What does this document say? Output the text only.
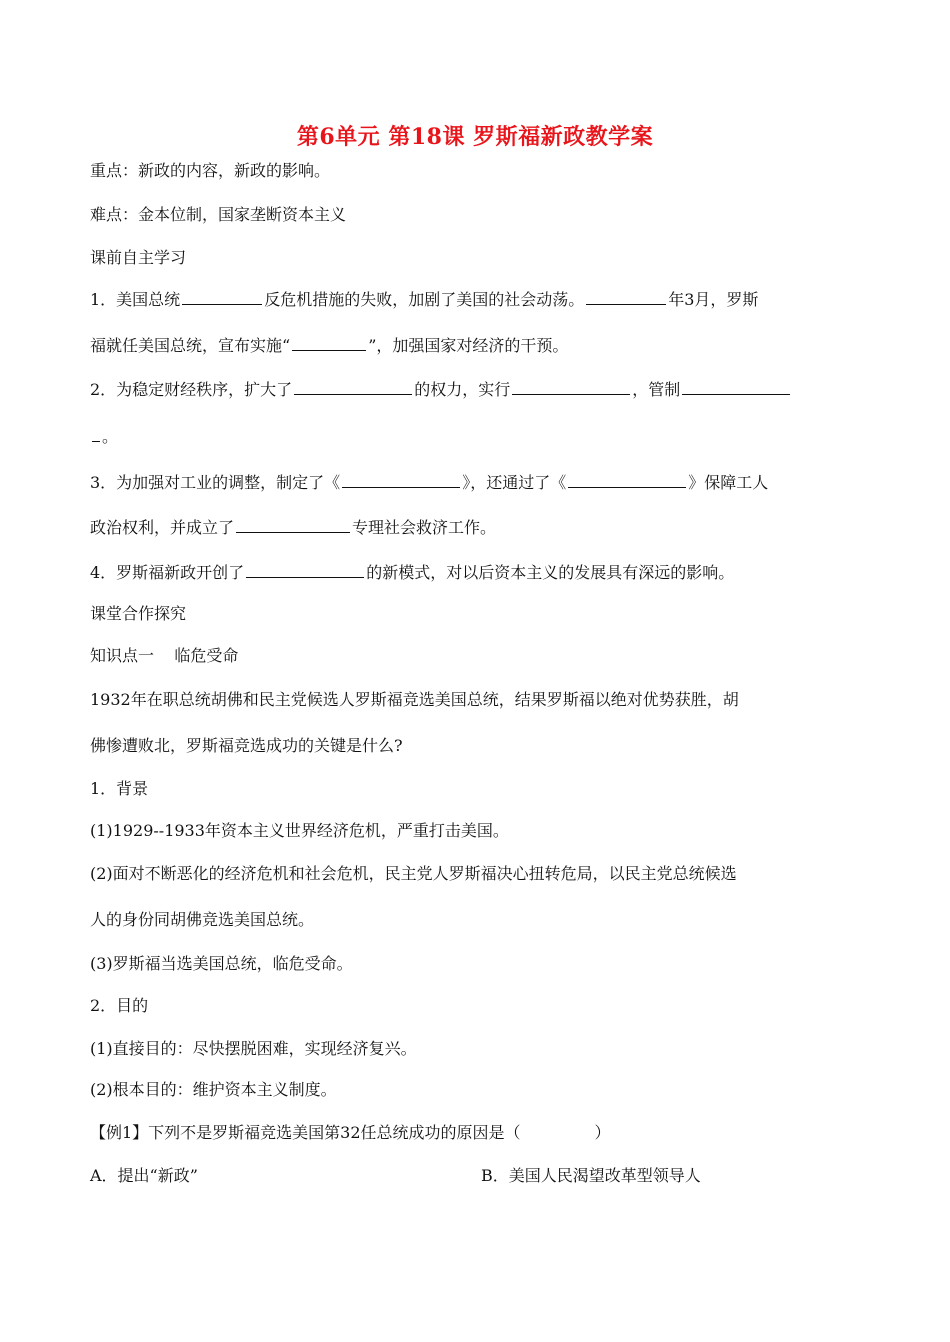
第6单元 第18课 罗斯福新政教学案
重点：新政的内容，新政的影响。
难点：金本位制，国家垄断资本主义
课前自主学习
1．美国总统	反危机措施的失败，加剧了美国的社会动荡。	年3月，罗斯
福就任美国总统，宣布实施“	”，加强国家对经济的干预。
2．为稳定财经秩序，扩大了	的权力，实行	，管制
。
3．为加强对工业的调整，制定了《	》，还通过了《	》保障工人
政治权利，并成立了	专理社会救济工作。
4．罗斯福新政开创了	的新模式，对以后资本主义的发展具有深远的影响。
课堂合作探究
知识点一    临危受命
1932年在职总统胡佛和民主党候选人罗斯福竞选美国总统，结果罗斯福以绝对优势获胜，胡
佛惨遭败北，罗斯福竞选成功的关键是什么?
1．背景
(1)1929--1933年资本主义世界经济危机，严重打击美国。
(2)面对不断恶化的经济危机和社会危机，民主党人罗斯福决心扭转危局，以民主党总统候选
人的身份同胡佛竞选美国总统。
(3)罗斯福当选美国总统，临危受命。
2．目的
(1)直接目的：尽快摆脱困难，实现经济复兴。
(2)根本目的：维护资本主义制度。
【例1】下列不是罗斯福竞选美国第32任总统成功的原因是（	）
A．提出“新政”	B．美国人民渴望改革型领导人
